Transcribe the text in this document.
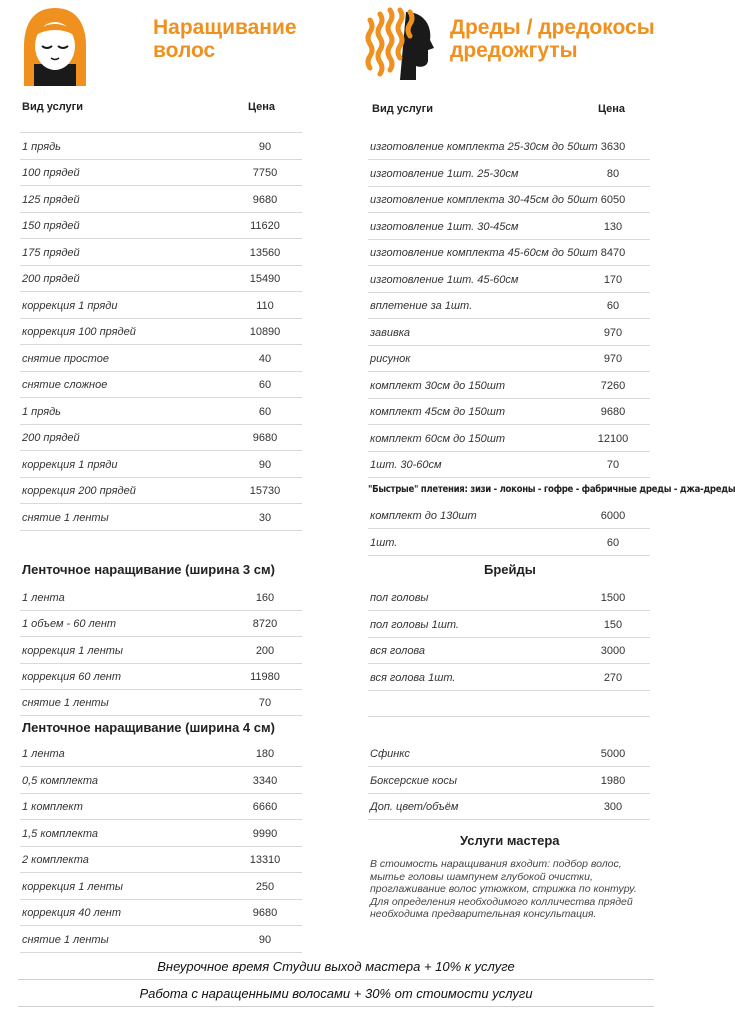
Наращивание
волос
Дреды / дредокосы
дредожгуты
Вид услуги	Цена
1 прядь	90
100 прядей	7750
125 прядей	9680
150 прядей	11620
175 прядей	13560
200 прядей	15490
коррекция 1 пряди	110
коррекция 100 прядей	10890
снятие простое	40
снятие сложное	60
1 прядь	60
200 прядей	9680
коррекция 1 пряди	90
коррекция 200 прядей	15730
снятие 1 ленты	30
Ленточное наращивание (ширина 3 см)
1 лента	160
1 объем - 60 лент	8720
коррекция 1 ленты	200
коррекция 60 лент	11980
снятие 1 ленты	70
Ленточное наращивание (ширина 4 см)
1 лента	180
0,5 комплекта	3340
1 комплект	6660
1,5 комплекта	9990
2 комплекта	13310
коррекция 1 ленты	250
коррекция 40 лент	9680
снятие 1 ленты	90
Вид услуги	Цена
изготовление комплекта 25-30см до 50шт 3630
изготовление 1шт. 25-30см	80
изготовление комплекта 30-45см до 50шт 6050
изготовление 1шт. 30-45см	130
изготовление комплекта 45-60см до 50шт 8470
изготовление 1шт. 45-60см	170
вплетение за 1шт.	60
завивка	970
рисунок	970
комплект 30см до 150шт	7260
комплект 45см до 150шт	9680
комплект 60см до 150шт	12100
1шт. 30-60см	70
"Быстрые" плетения: зизи - локоны - гофре - фабричные дреды - джа-дреды
комплект до 130шт	6000
1шт.	60
Брейды
пол головы	1500
пол головы 1шт.	150
вся голова	3000
вся голова 1шт.	270
Сфинкс	5000
Боксерские косы	1980
Доп. цвет/объём	300
Услуги мастера
В стоимость наращивания входит: подбор волос, мытье головы шампунем глубокой очистки, проглаживание волос утюжком, стрижка по контуру. Для определения необходимого колличества прядей необходима предварительная консультация.
Внеурочное время Студии выход мастера + 10% к услуге
Работа с наращенными волосами + 30% от стоимости услуги
